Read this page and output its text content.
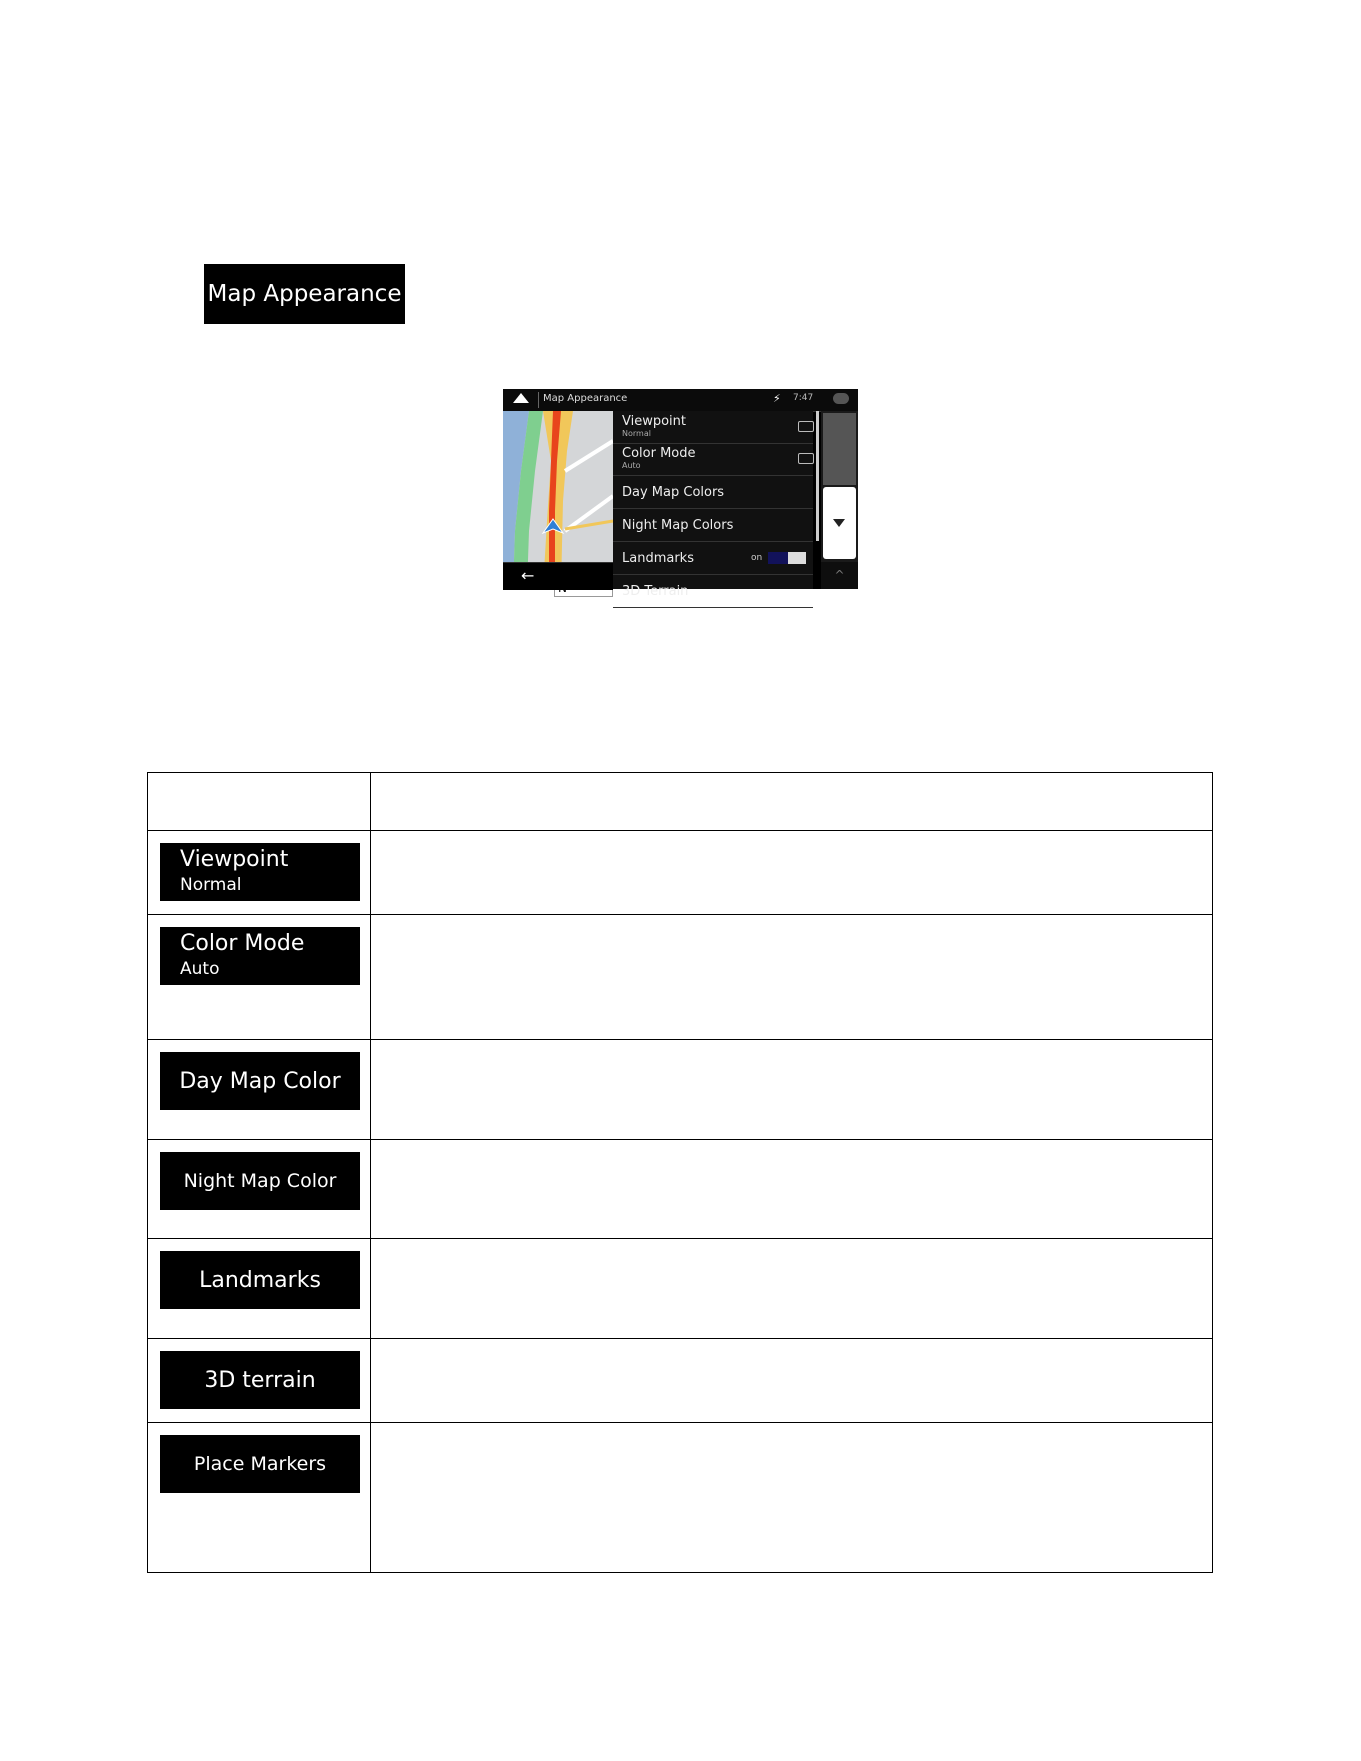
Map Appearance
Map Appearance	⚡ 7:47
Viewpoint
Normal
Color Mode
Auto
Day Map Colors
Night Map Colors
Landmarks	on
3D Terrain
←	^

Viewpoint
Normal	

Color Mode
Auto	

Day Map Color	

Night Map Color	

Landmarks	

3D terrain	

Place Markers	
